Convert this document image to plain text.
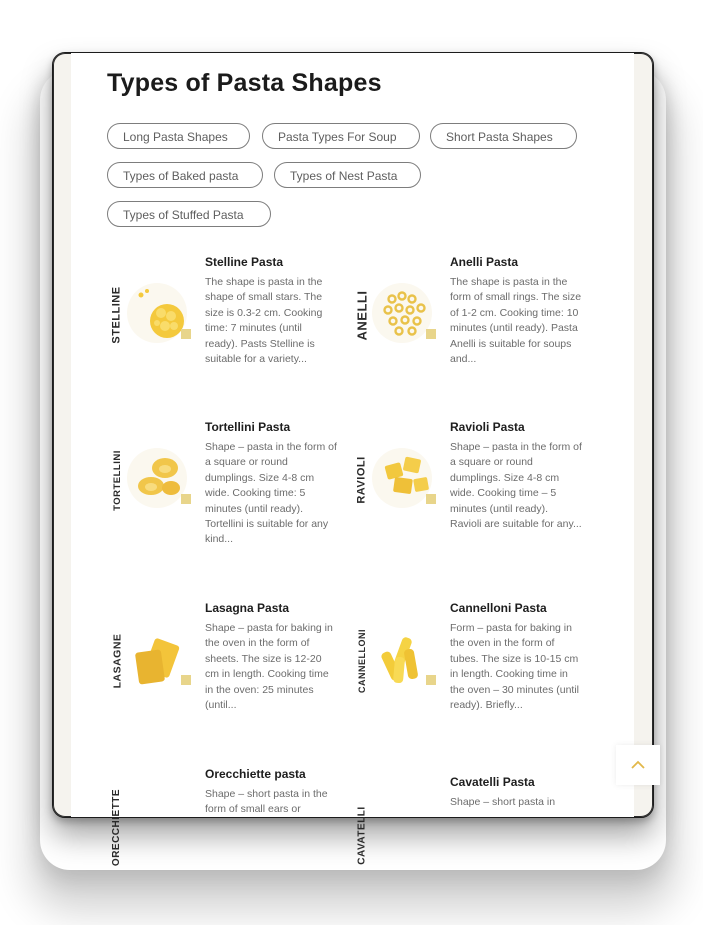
Types of Pasta Shapes
Long Pasta Shapes	Pasta Types For Soup	Short Pasta Shapes
Types of Baked pasta	Types of Nest Pasta
Types of Stuffed Pasta
STELLINE

Stelline Pasta

The shape is pasta in the shape of small stars. The size is 0.3-2 cm. Cooking time: 7 minutes (until ready). Pasts Stelline is suitable for a variety...

ANELLI

Anelli Pasta

The shape is pasta in the form of small rings. The size of 1-2 cm. Cooking time: 10 minutes (until ready). Pasta Anelli is suitable for soups and...

TORTELLINI

Tortellini Pasta

Shape – pasta in the form of a square or round dumplings. Size 4-8 cm wide. Cooking time: 5 minutes (until ready). Tortellini is suitable for any kind...

RAVIOLI

Ravioli Pasta

Shape – pasta in the form of a square or round dumplings. Size 4-8 cm wide. Cooking time – 5 minutes (until ready). Ravioli are suitable for any...

LASAGNE

Lasagna Pasta

Shape – pasta for baking in the oven in the form of sheets. The size is 12-20 cm in length. Cooking time in the oven: 25 minutes (until...

CANNELLONI

Cannelloni Pasta

Form – pasta for baking in the oven in the form of tubes. The size is 10-15 cm in length. Cooking time in the oven – 30 minutes (until ready). Briefly...

ORECCHIETTE

Orecchiette pasta

Shape – short pasta in the form of small ears or	CAVATELLI

Cavatelli Pasta

Shape – short pasta in
